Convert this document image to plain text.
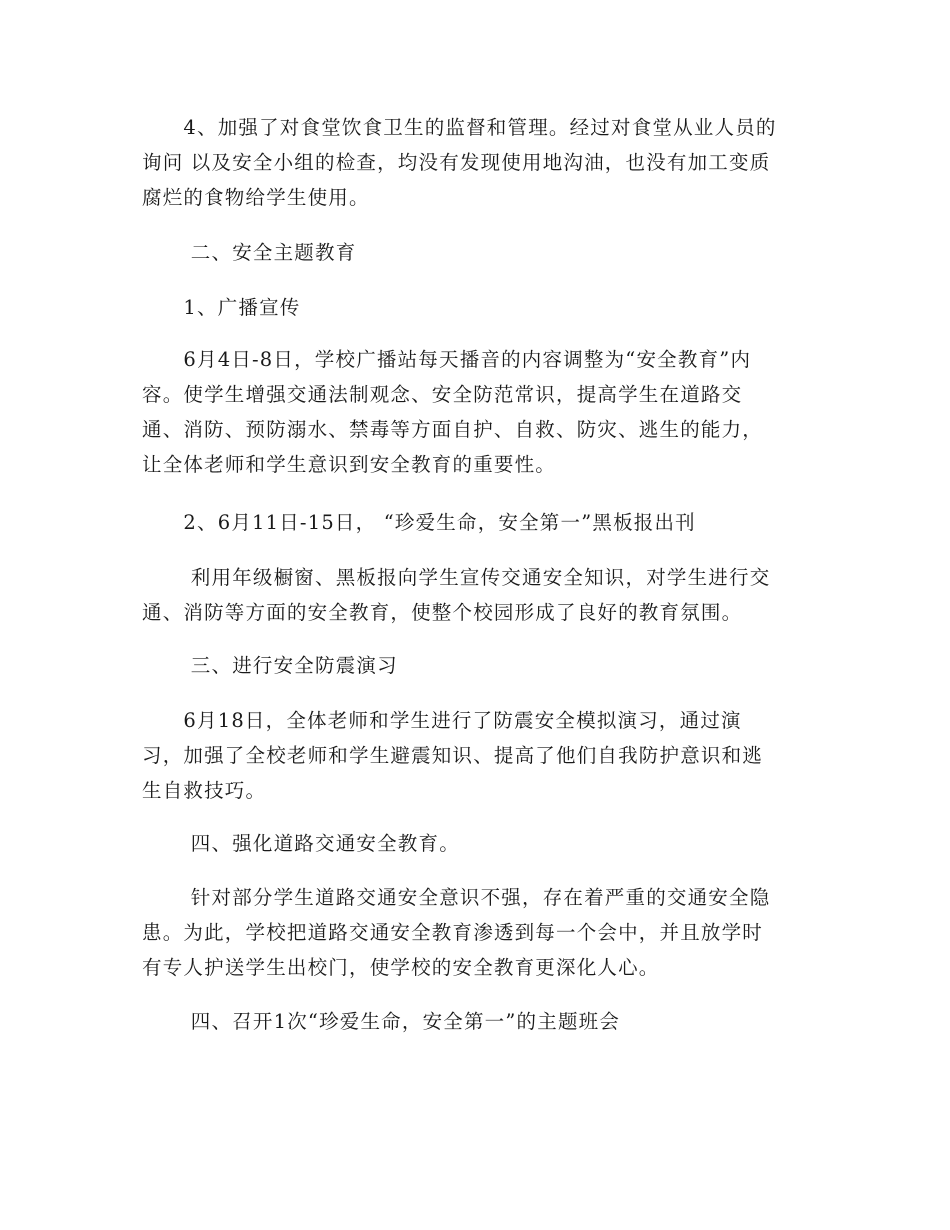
　　4、加强了对食堂饮食卫生的监督和管理。经过对食堂从业人员的
询问 以及安全小组的检查，均没有发现使用地沟油，也没有加工变质
腐烂的食物给学生使用。
　　 二、安全主题教育
　　1、广播宣传
　　6月4日-8日，学校广播站每天播音的内容调整为“安全教育”内
容。使学生增强交通法制观念、安全防范常识，提高学生在道路交
通、消防、预防溺水、禁毒等方面自护、自救、防灾、逃生的能力，
让全体老师和学生意识到安全教育的重要性。
　　2、6月11日-15日， “珍爱生命，安全第一”黑板报出刊
　　 利用年级橱窗、黑板报向学生宣传交通安全知识，对学生进行交
通、消防等方面的安全教育，使整个校园形成了良好的教育氛围。
　　 三、进行安全防震演习
　　6月18日，全体老师和学生进行了防震安全模拟演习，通过演
习，加强了全校老师和学生避震知识、提高了他们自我防护意识和逃
生自救技巧。
　　 四、强化道路交通安全教育。
　　 针对部分学生道路交通安全意识不强，存在着严重的交通安全隐
患。为此，学校把道路交通安全教育渗透到每一个会中，并且放学时
有专人护送学生出校门，使学校的安全教育更深化人心。
　　 四、召开1次“珍爱生命，安全第一”的主题班会
